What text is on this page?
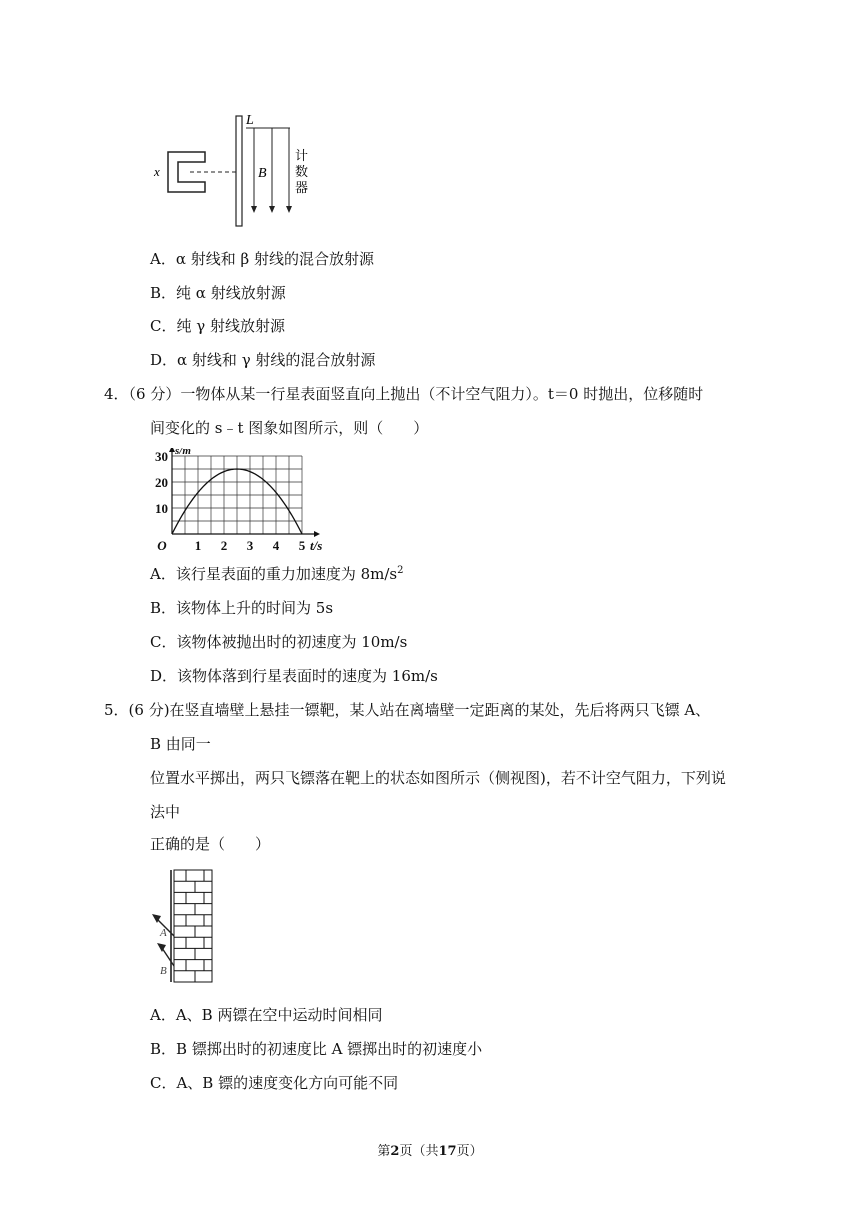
x
L
B
计
数
器
A．α 射线和 β 射线的混合放射源
B．纯 α 射线放射源
C．纯 γ 射线放射源
D．α 射线和 γ 射线的混合放射源
4．（6 分）一物体从某一行星表面竖直向上抛出（不计空气阻力）。t＝0 时抛出，位移随时
间变化的 s﹣t 图象如图所示，则（　　）
1 2 3 4 5
10
20
30
O	t/s
s/m
A．该行星表面的重力加速度为 $8m/s^2$
B．该物体上升的时间为 5s
C．该物体被抛出时的初速度为 10m/s
D．该物体落到行星表面时的速度为 16m/s
5．(6 分)在竖直墙壁上悬挂一镖靶，某人站在离墙壁一定距离的某处，先后将两只飞镖 A、
B 由同一
位置水平掷出，两只飞镖落在靶上的状态如图所示（侧视图)，若不计空气阻力，下列说
法中
正确的是（　　）
A
B
A．A、B 两镖在空中运动时间相同
B．B 镖掷出时的初速度比 A 镖掷出时的初速度小
C．A、B 镖的速度变化方向可能不同
第2页（共17页）
